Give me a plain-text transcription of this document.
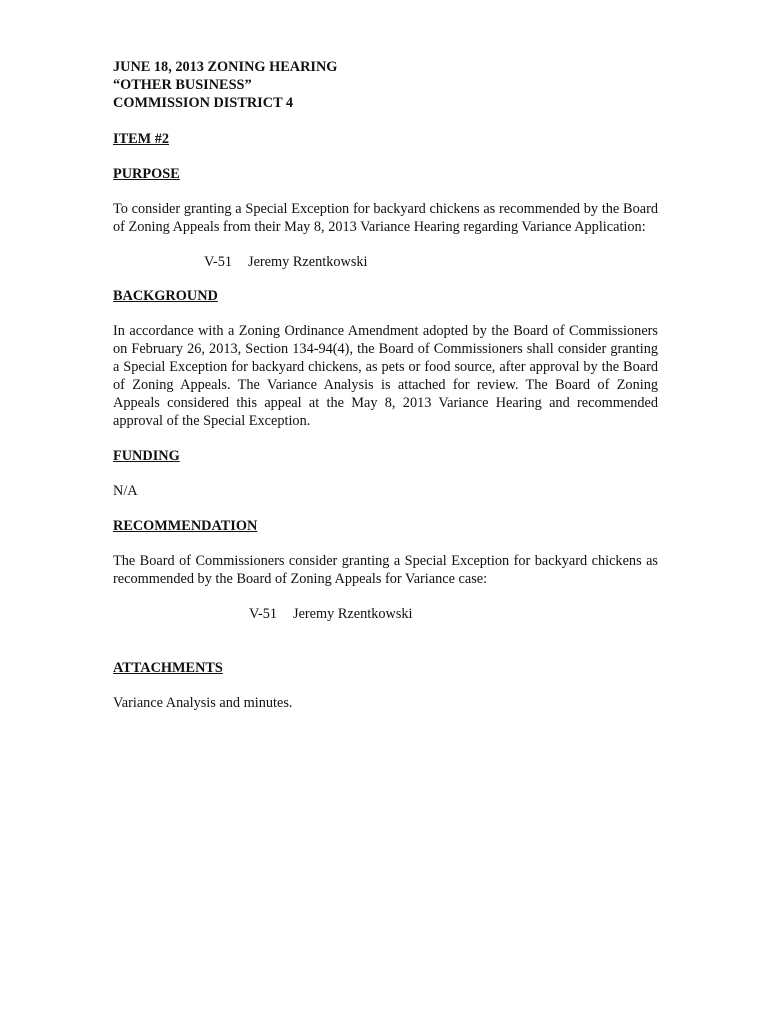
JUNE 18, 2013 ZONING HEARING

“OTHER BUSINESS”

COMMISSION DISTRICT 4

ITEM #2

PURPOSE

To consider granting a Special Exception for backyard chickens as recommended by the Board of Zoning Appeals from their May 8, 2013 Variance Hearing regarding Variance Application:

V-51 Jeremy Rzentkowski

BACKGROUND

In accordance with a Zoning Ordinance Amendment adopted by the Board of Commissioners on February 26, 2013, Section 134-94(4), the Board of Commissioners shall consider granting a Special Exception for backyard chickens, as pets or food source, after approval by the Board of Zoning Appeals. The Variance Analysis is attached for review. The Board of Zoning Appeals considered this appeal at the May 8, 2013 Variance Hearing and recommended approval of the Special Exception.

FUNDING

N/A

RECOMMENDATION

The Board of Commissioners consider granting a Special Exception for backyard chickens as recommended by the Board of Zoning Appeals for Variance case:

V-51 Jeremy Rzentkowski

ATTACHMENTS

Variance Analysis and minutes.
